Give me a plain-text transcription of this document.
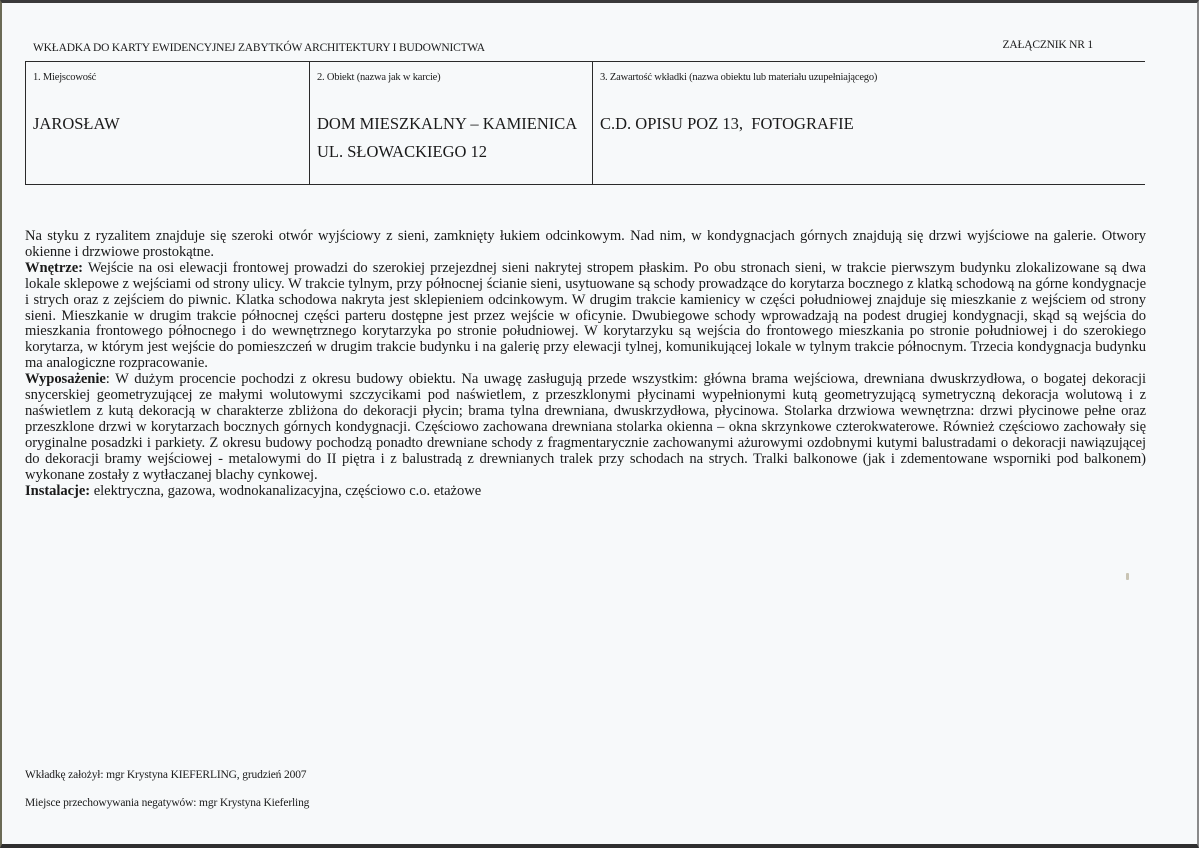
WKŁADKA DO KARTY EWIDENCYJNEJ ZABYTKÓW ARCHITEKTURY I BUDOWNICTWA	ZAŁĄCZNIK NR 1
1. Miejscowość
JAROSŁAW
2. Obiekt (nazwa jak w karcie)
DOM MIESZKALNY – KAMIENICA
UL. SŁOWACKIEGO 12
3. Zawartość wkładki (nazwa obiektu lub materiału uzupełniającego)
C.D. OPISU POZ 13,  FOTOGRAFIE

Na styku z ryzalitem znajduje się szeroki otwór wyjściowy z sieni, zamknięty łukiem odcinkowym. Nad nim, w kondygnacjach górnych znajdują się drzwi wyjściowe na galerie. Otwory okienne i drzwiowe prostokątne.

Wnętrze: Wejście na osi elewacji frontowej prowadzi do szerokiej przejezdnej sieni nakrytej stropem płaskim. Po obu stronach sieni, w trakcie pierwszym budynku zlokalizowane są dwa lokale sklepowe z wejściami od strony ulicy. W trakcie tylnym, przy północnej ścianie sieni, usytuowane są schody prowadzące do korytarza bocznego z klatką schodową na górne kondygnacje i strych oraz z zejściem do piwnic. Klatka schodowa nakryta jest sklepieniem odcinkowym. W drugim trakcie kamienicy w części południowej znajduje się mieszkanie z wejściem od strony sieni. Mieszkanie w drugim trakcie północnej części parteru dostępne jest przez wejście w oficynie. Dwubiegowe schody wprowadzają na podest drugiej kondygnacji, skąd są wejścia do mieszkania frontowego północnego i do wewnętrznego korytarzyka po stronie południowej. W korytarzyku są wejścia do frontowego mieszkania po stronie południowej i do szerokiego korytarza, w którym jest wejście do pomieszczeń w drugim trakcie budynku i na galerię przy elewacji tylnej, komunikującej lokale w tylnym trakcie północnym. Trzecia kondygnacja budynku ma analogiczne rozpracowanie.

Wyposażenie: W dużym procencie pochodzi z okresu budowy obiektu. Na uwagę zasługują przede wszystkim: główna brama wejściowa, drewniana dwuskrzydłowa, o bogatej dekoracji snycerskiej geometryzującej ze małymi wolutowymi szczycikami pod naświetlem, z przeszklonymi płycinami wypełnionymi kutą geometryzującą symetryczną dekoracja wolutową i z naświetlem z kutą dekoracją w charakterze zbliżona do dekoracji płycin; brama tylna drewniana, dwuskrzydłowa, płycinowa. Stolarka drzwiowa wewnętrzna: drzwi płycinowe pełne oraz przeszklone drzwi w korytarzach bocznych górnych kondygnacji. Częściowo zachowana drewniana stolarka okienna – okna skrzynkowe czterokwaterowe. Również częściowo zachowały się oryginalne posadzki i parkiety. Z okresu budowy pochodzą ponadto drewniane schody z fragmentarycznie zachowanymi ażurowymi ozdobnymi kutymi balustradami o dekoracji nawiązującej do dekoracji bramy wejściowej - metalowymi do II piętra i z balustradą z drewnianych tralek przy schodach na strych. Tralki balkonowe (jak i zdementowane wsporniki pod balkonem) wykonane zostały z wytłaczanej blachy cynkowej.

Instalacje: elektryczna, gazowa, wodnokanalizacyjna, częściowo c.o. etażowe

Wkładkę założył: mgr Krystyna KIEFERLING, grudzień 2007
Miejsce przechowywania negatywów: mgr Krystyna Kieferling
